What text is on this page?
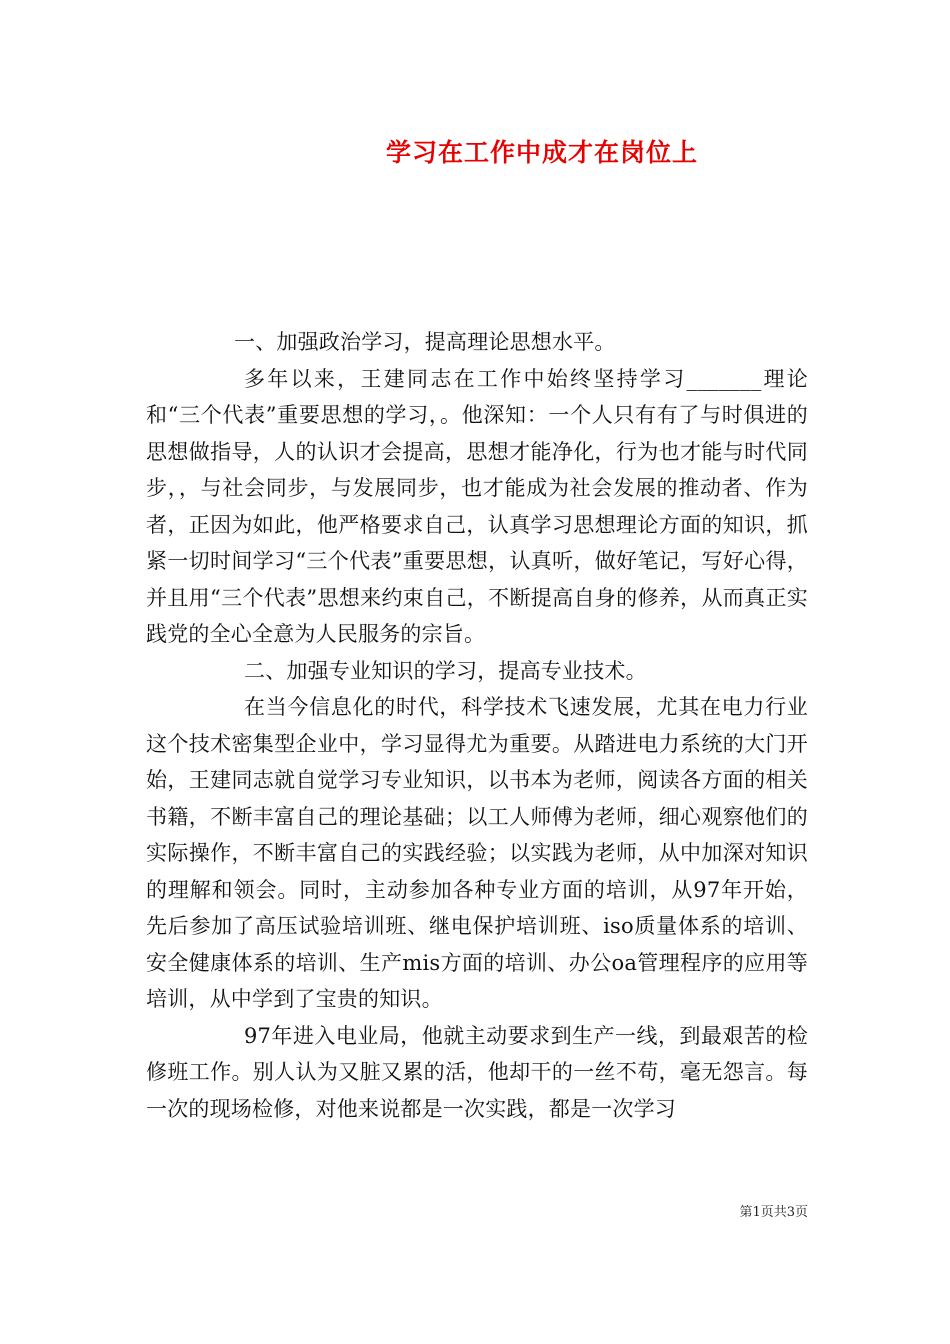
学习在工作中成才在岗位上

一、加强政治学习，提高理论思想水平。

多年以来，王建同志在工作中始终坚持学习_______理论和“三个代表”重要思想的学习，。他深知：一个人只有有了与时俱进的思想做指导，人的认识才会提高，思想才能净化，行为也才能与时代同步，，与社会同步，与发展同步，也才能成为社会发展的推动者、作为者，正因为如此，他严格要求自己，认真学习思想理论方面的知识，抓紧一切时间学习“三个代表”重要思想，认真听，做好笔记，写好心得，并且用“三个代表”思想来约束自己，不断提高自身的修养，从而真正实践党的全心全意为人民服务的宗旨。

二、加强专业知识的学习，提高专业技术。

在当今信息化的时代，科学技术飞速发展，尤其在电力行业这个技术密集型企业中，学习显得尤为重要。从踏进电力系统的大门开始，王建同志就自觉学习专业知识，以书本为老师，阅读各方面的相关书籍，不断丰富自己的理论基础；以工人师傅为老师，细心观察他们的实际操作，不断丰富自己的实践经验；以实践为老师，从中加深对知识的理解和领会。同时，主动参加各种专业方面的培训，从97年开始，先后参加了高压试验培训班、继电保护培训班、iso质量体系的培训、安全健康体系的培训、生产mis方面的培训、办公oa管理程序的应用等培训，从中学到了宝贵的知识。

97年进入电业局，他就主动要求到生产一线，到最艰苦的检修班工作。别人认为又脏又累的活，他却干的一丝不苟，毫无怨言。每一次的现场检修，对他来说都是一次实践，都是一次学习

第1页共3页
